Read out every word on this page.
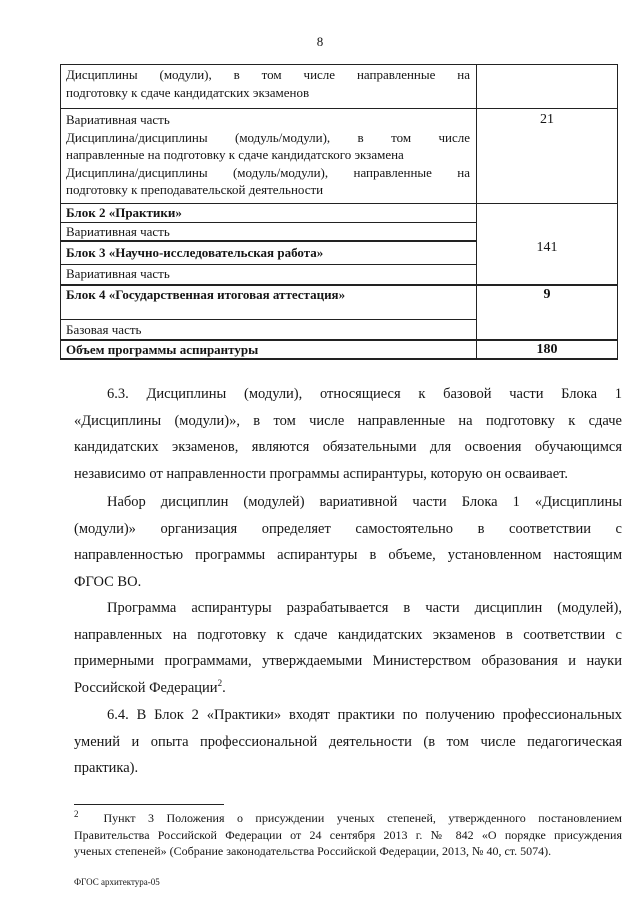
8
Дисциплины (модули), в том числе направленные на
подготовку к сдаче кандидатских экзаменов
Вариативная часть
Дисциплина/дисциплины (модуль/модули), в том числе
направленные на подготовку к сдаче кандидатского экзамена
Дисциплина/дисциплины (модуль/модули), направленные на
подготовку к преподавательской деятельности
21
Блок 2 «Практики»
Вариативная часть
Блок 3 «Научно-исследовательская работа»
Вариативная часть
141
Блок 4 «Государственная итоговая аттестация»	9
Базовая часть
Объем программы аспирантуры	180
6.3. Дисциплины (модули), относящиеся к базовой части Блока 1
«Дисциплины (модули)», в том числе направленные на подготовку к сдаче
кандидатских экзаменов, являются обязательными для освоения обучающимся
независимо от направленности программы аспирантуры, которую он осваивает.
Набор дисциплин (модулей) вариативной части Блока 1 «Дисциплины
(модули)» организация определяет самостоятельно в соответствии с
направленностью программы аспирантуры в объеме, установленном настоящим
ФГОС ВО.
Программа аспирантуры разрабатывается в части дисциплин (модулей),
направленных на подготовку к сдаче кандидатских экзаменов в соответствии с
примерными программами, утверждаемыми Министерством образования и науки
Российской Федерации$^2$.
6.4. В Блок 2 «Практики» входят практики по получению профессиональных
умений и опыта профессиональной деятельности (в том числе педагогическая
практика).
$^2$ Пункт 3 Положения о присуждении ученых степеней, утвержденного постановлением
Правительства Российской Федерации от 24 сентября 2013 г. № 842 «О порядке присуждения
ученых степеней» (Собрание законодательства Российской Федерации, 2013, № 40, ст. 5074).
ФГОС архитектура-05
